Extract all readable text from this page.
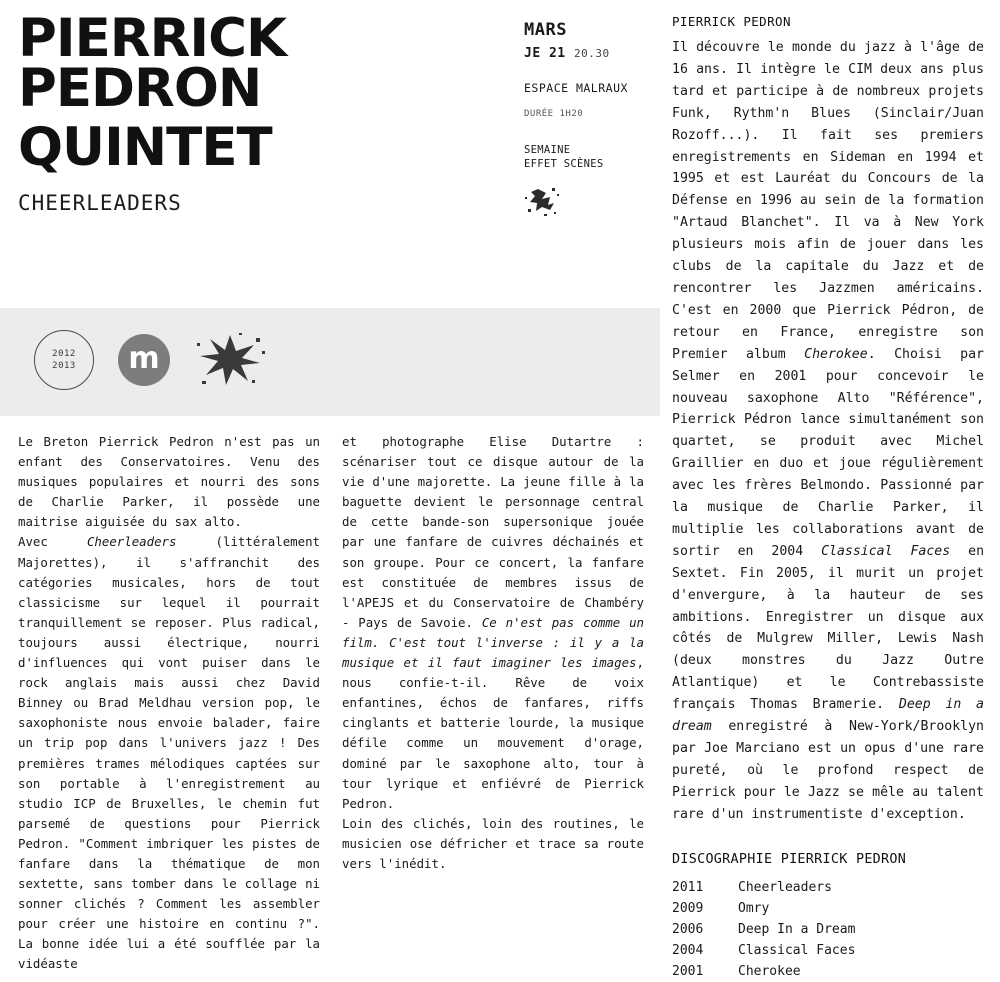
PIERRICK PEDRON
QUINTET
CHEERLEADERS
MARS
JE 21 20.30
ESPACE MALRAUX
DURÉE 1H20
SEMAINE
EFFET SCÈNES
2012
2013 m

Le Breton Pierrick Pedron n'est pas un enfant des Conservatoires. Venu des musiques populaires et nourri des sons de Charlie Parker, il possède une maitrise aiguisée du sax alto.

Avec Cheerleaders (littéralement Majorettes), il s'affranchit des catégories musicales, hors de tout classicisme sur lequel il pourrait tranquillement se reposer. Plus radical, toujours aussi électrique, nourri d'influences qui vont puiser dans le rock anglais mais aussi chez David Binney ou Brad Meldhau version pop, le saxophoniste nous envoie balader, faire un trip pop dans l'univers jazz ! Des premières trames mélodiques captées sur son portable à l'enregistrement au studio ICP de Bruxelles, le chemin fut parsemé de questions pour Pierrick Pedron. "Comment imbriquer les pistes de fanfare dans la thématique de mon sextette, sans tomber dans le collage ni sonner clichés ? Comment les assembler pour créer une histoire en continu ?". La bonne idée lui a été soufflée par la vidéaste

et photographe Elise Dutartre : scénariser tout ce disque autour de la vie d'une majorette. La jeune fille à la baguette devient le personnage central de cette bande-son supersonique jouée par une fanfare de cuivres déchainés et son groupe. Pour ce concert, la fanfare est constituée de membres issus de l'APEJS et du Conservatoire de Chambéry - Pays de Savoie. Ce n'est pas comme un film. C'est tout l'inverse : il y a la musique et il faut imaginer les images, nous confie-t-il. Rêve de voix enfantines, échos de fanfares, riffs cinglants et batterie lourde, la musique défile comme un mouvement d'orage, dominé par le saxophone alto, tour à tour lyrique et enfiévré de Pierrick Pedron.

Loin des clichés, loin des routines, le musicien ose défricher et trace sa route vers l'inédit.

PIERRICK PEDRON

Il découvre le monde du jazz à l'âge de 16 ans. Il intègre le CIM deux ans plus tard et participe à de nombreux projets Funk, Rythm'n Blues (Sinclair/Juan Rozoff...). Il fait ses premiers enregistrements en Sideman en 1994 et 1995 et est Lauréat du Concours de la Défense en 1996 au sein de la formation "Artaud Blanchet". Il va à New York plusieurs mois afin de jouer dans les clubs de la capitale du Jazz et de rencontrer les Jazzmen américains. C'est en 2000 que Pierrick Pédron, de retour en France, enregistre son Premier album Cherokee. Choisi par Selmer en 2001 pour concevoir le nouveau saxophone Alto "Référence", Pierrick Pédron lance simultanément son quartet, se produit avec Michel Graillier en duo et joue régulièrement avec les frères Belmondo. Passionné par la musique de Charlie Parker, il multiplie les collaborations avant de sortir en 2004 Classical Faces en Sextet. Fin 2005, il murit un projet d'envergure, à la hauteur de ses ambitions. Enregistrer un disque aux côtés de Mulgrew Miller, Lewis Nash (deux monstres du Jazz Outre Atlantique) et le Contrebassiste français Thomas Bramerie. Deep in a dream enregistré à New-York/Brooklyn par Joe Marciano est un opus d'une rare pureté, où le profond respect de Pierrick pour le Jazz se mêle au talent rare d'un instrumentiste d'exception.

DISCOGRAPHIE PIERRICK PEDRON
2011	Cheerleaders
2009	Omry
2006	Deep In a Dream
2004	Classical Faces
2001	Cherokee
